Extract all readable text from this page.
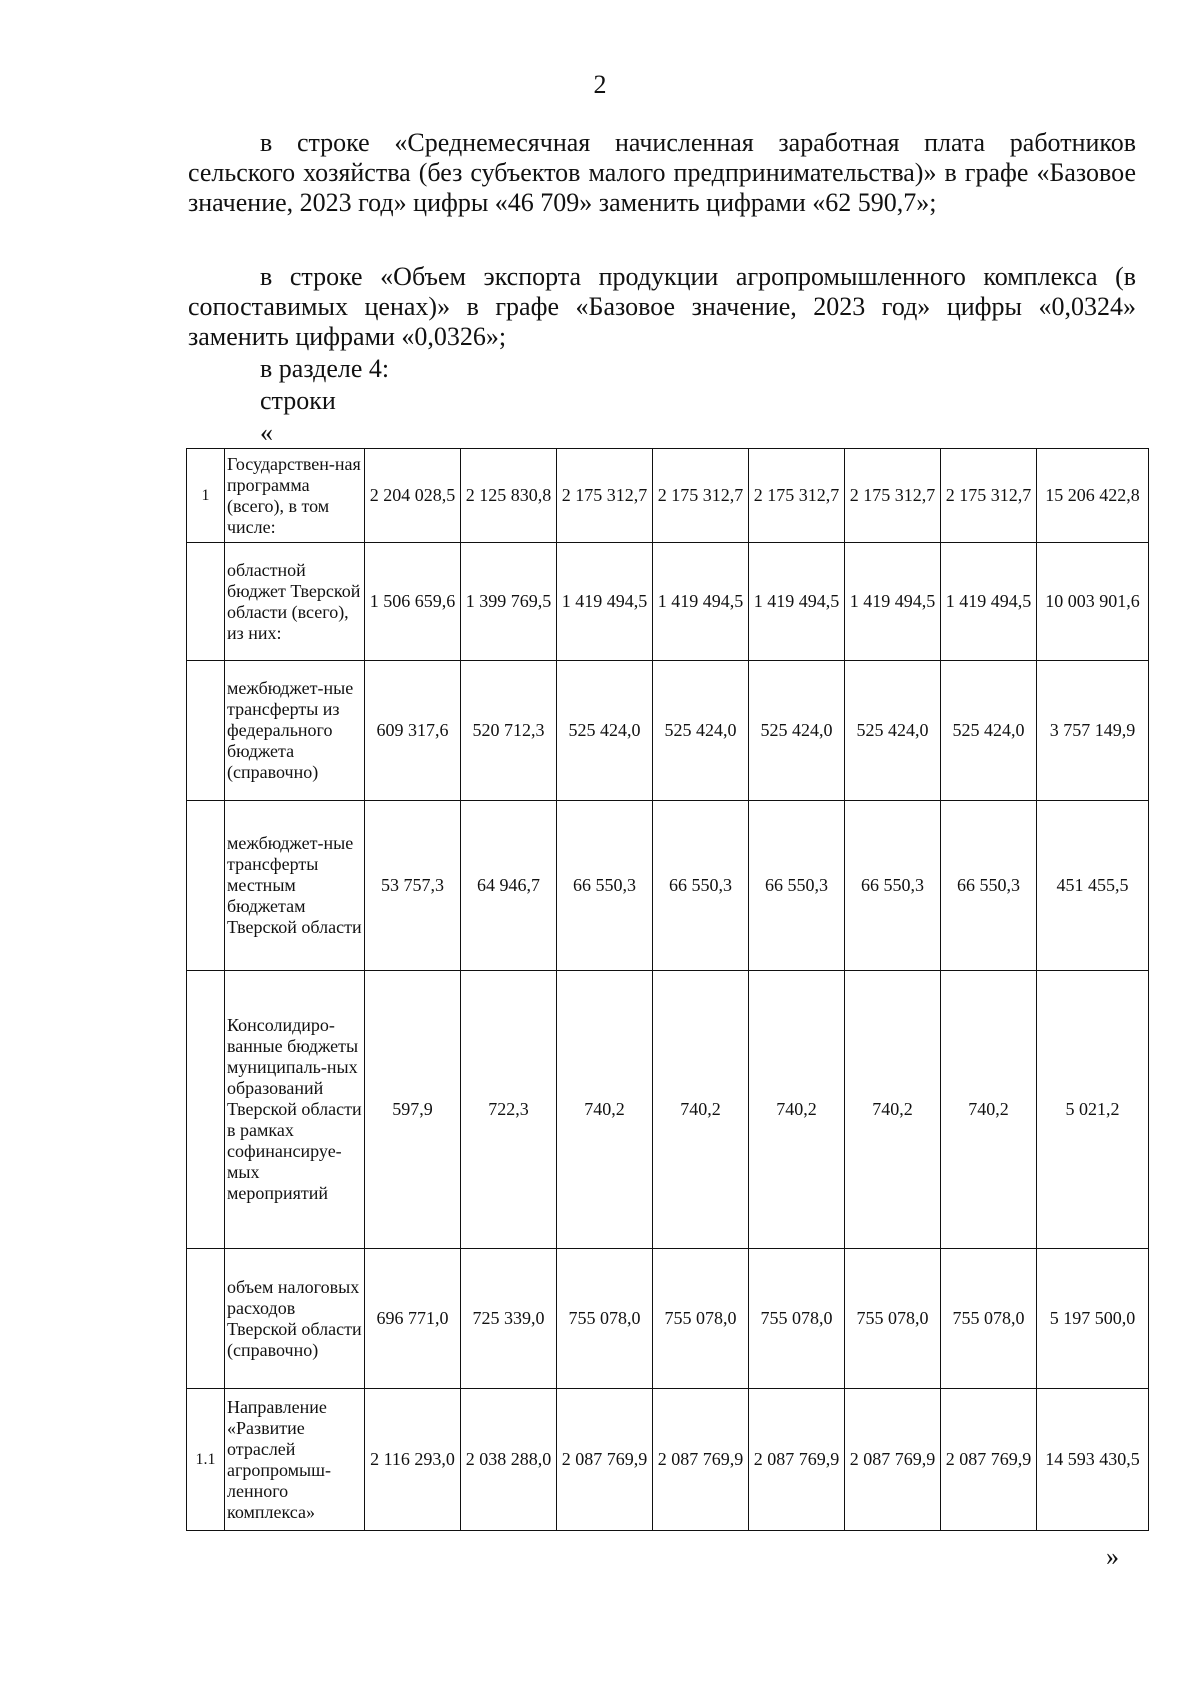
2
в строке «Среднемесячная начисленная заработная плата работников сельского хозяйства (без субъектов малого предпринимательства)» в графе «Базовое значение, 2023 год» цифры «46 709» заменить цифрами «62 590,7»;
в строке «Объем экспорта продукции агропромышленного комплекса (в сопоставимых ценах)» в графе «Базовое значение, 2023 год» цифры «0,0324» заменить цифрами «0,0326»;
в разделе 4:
строки
«
1	Государствен-ная программа (всего), в том числе:	2 204 028,5	2 125 830,8	2 175 312,7	2 175 312,7	2 175 312,7	2 175 312,7	2 175 312,7	15 206 422,8
	областной бюджет Тверской области (всего), из них:	1 506 659,6	1 399 769,5	1 419 494,5	1 419 494,5	1 419 494,5	1 419 494,5	1 419 494,5	10 003 901,6
	межбюджет-ные трансферты из федерального бюджета (справочно)	609 317,6	520 712,3	525 424,0	525 424,0	525 424,0	525 424,0	525 424,0	3 757 149,9
	межбюджет-ные трансферты местным бюджетам Тверской области	53 757,3	64 946,7	66 550,3	66 550,3	66 550,3	66 550,3	66 550,3	451 455,5
	Консолидиро-ванные бюджеты муниципаль-ных образований Тверской области в рамках софинансируе-мых мероприятий	597,9	722,3	740,2	740,2	740,2	740,2	740,2	5 021,2
	объем налоговых расходов Тверской области (справочно)	696 771,0	725 339,0	755 078,0	755 078,0	755 078,0	755 078,0	755 078,0	5 197 500,0
1.1	Направление «Развитие отраслей агропромыш-ленного комплекса»	2 116 293,0	2 038 288,0	2 087 769,9	2 087 769,9	2 087 769,9	2 087 769,9	2 087 769,9	14 593 430,5
»
